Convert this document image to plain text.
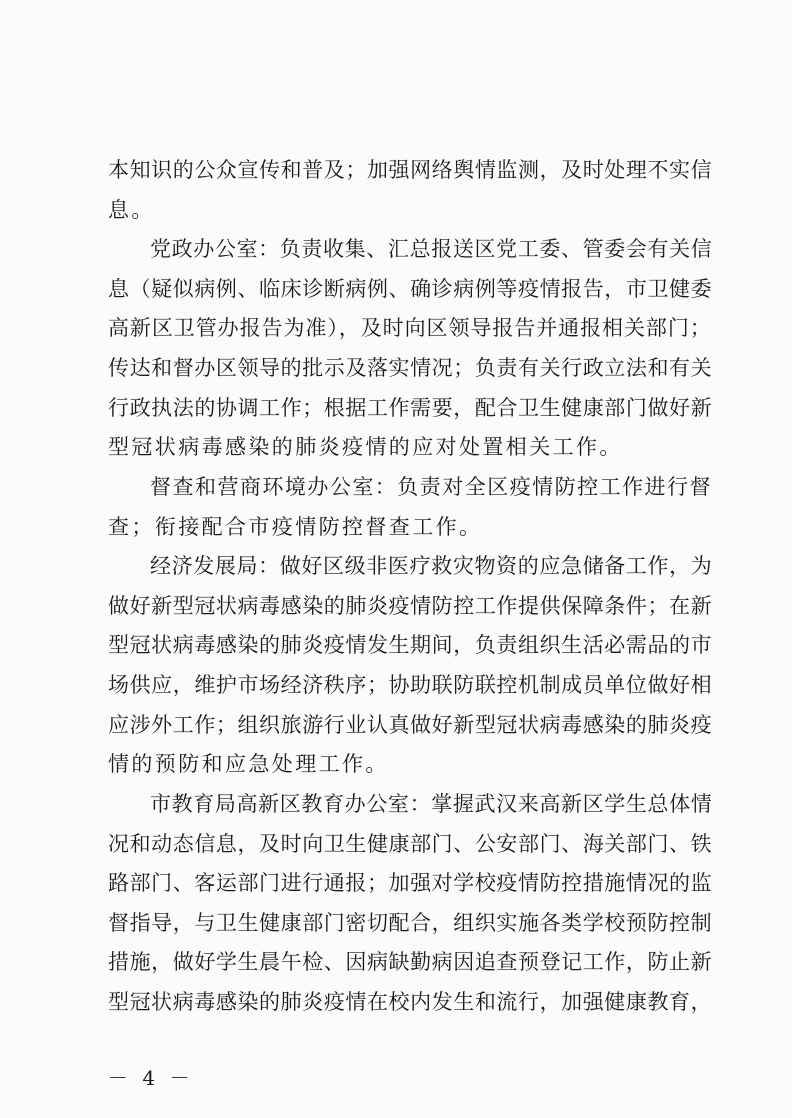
本知识的公众宣传和普及；加强网络舆情监测，及时处理不实信
息。
党政办公室：负责收集、汇总报送区党工委、管委会有关信
息（疑似病例、临床诊断病例、确诊病例等疫情报告，市卫健委
高新区卫管办报告为准），及时向区领导报告并通报相关部门；
传达和督办区领导的批示及落实情况；负责有关行政立法和有关
行政执法的协调工作；根据工作需要，配合卫生健康部门做好新
型冠状病毒感染的肺炎疫情的应对处置相关工作。
督查和营商环境办公室：负责对全区疫情防控工作进行督
查；衔接配合市疫情防控督查工作。
经济发展局：做好区级非医疗救灾物资的应急储备工作，为
做好新型冠状病毒感染的肺炎疫情防控工作提供保障条件；在新
型冠状病毒感染的肺炎疫情发生期间，负责组织生活必需品的市
场供应，维护市场经济秩序；协助联防联控机制成员单位做好相
应涉外工作；组织旅游行业认真做好新型冠状病毒感染的肺炎疫
情的预防和应急处理工作。
市教育局高新区教育办公室：掌握武汉来高新区学生总体情
况和动态信息，及时向卫生健康部门、公安部门、海关部门、铁
路部门、客运部门进行通报；加强对学校疫情防控措施情况的监
督指导，与卫生健康部门密切配合，组织实施各类学校预防控制
措施，做好学生晨午检、因病缺勤病因追查预登记工作，防止新
型冠状病毒感染的肺炎疫情在校内发生和流行，加强健康教育，
－ 4 －
